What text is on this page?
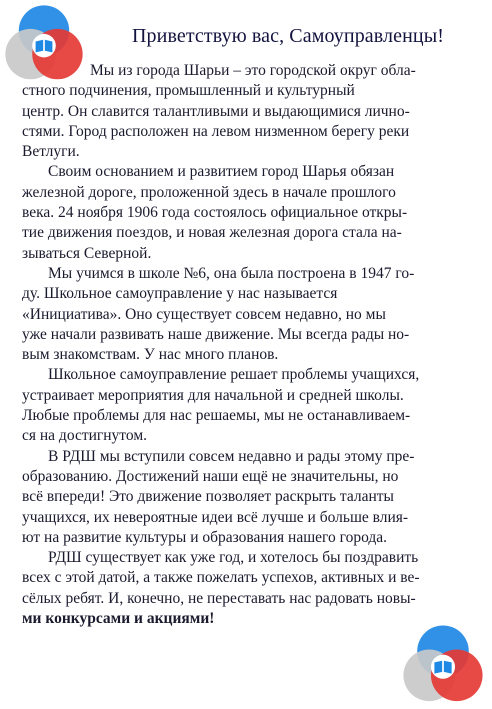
Приветствую вас, Самоуправленцы!

Мы из города Шарьи – это городской округ обла-
стного подчинения, промышленный и культурный
центр. Он славится талантливыми и выдающимися лично-
стями. Город расположен на левом низменном берегу реки
Ветлуги.

Своим основанием и развитием город Шарья обязан
железной дороге, проложенной здесь в начале прошлого
века. 24 ноября 1906 года состоялось официальное откры-
тие движения поездов, и новая железная дорога стала на-
зываться Северной.

Мы учимся в школе №6, она была построена в 1947 го-
ду. Школьное самоуправление у нас называется
«Инициатива». Оно существует совсем недавно, но мы
уже начали развивать наше движение. Мы всегда рады но-
вым знакомствам. У нас много планов.

Школьное самоуправление решает проблемы учащихся,
устраивает мероприятия для начальной и средней школы.
Любые проблемы для нас решаемы, мы не останавливаем-
ся на достигнутом.

В РДШ мы вступили совсем недавно и рады этому пре-
образованию. Достижений наши ещё не значительны, но
всё впереди! Это движение позволяет раскрыть таланты
учащихся, их невероятные идеи всё лучше и больше влия-
ют на развитие культуры и образования нашего города.

РДШ существует как уже год, и хотелось бы поздравить
всех с этой датой, а также пожелать успехов, активных и ве-
сёлых ребят. И, конечно, не переставать нас радовать новы-
ми конкурсами и акциями!
